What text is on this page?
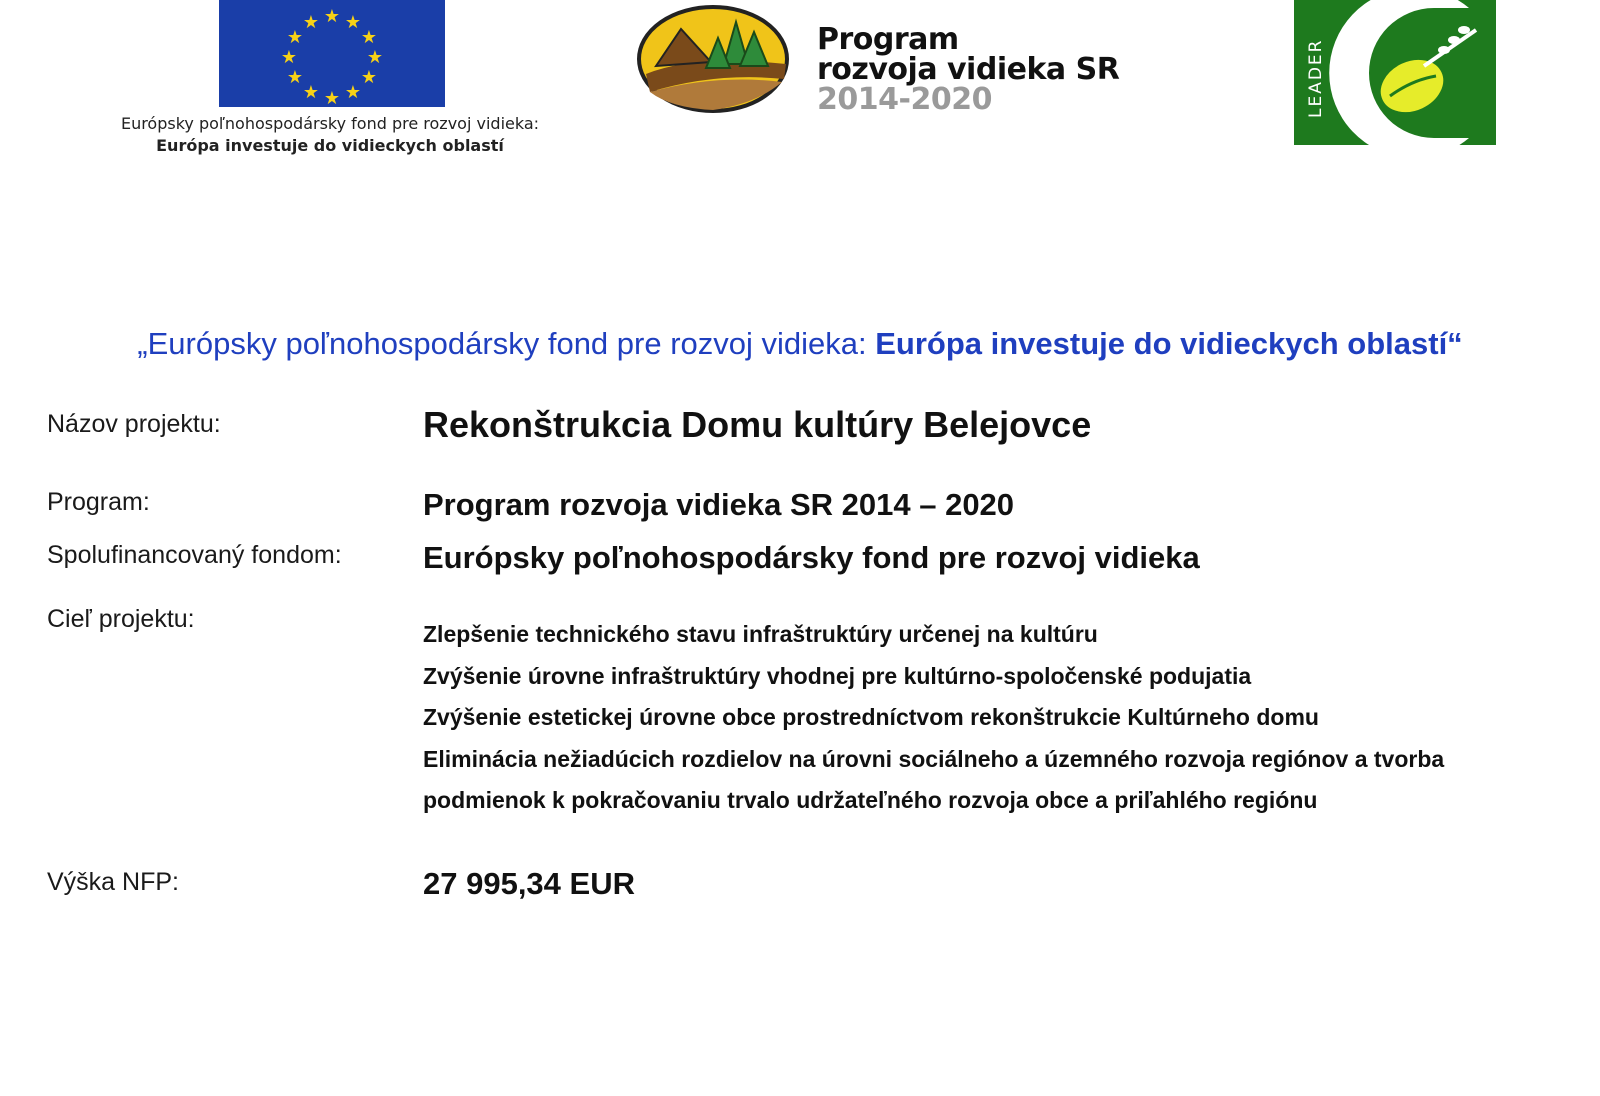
★ ★
★
★
★
★
★
★
★
★
★
★
Európsky poľnohospodársky fond pre rozvoj vidieka:
Európa investuje do vidieckych oblastí
Program
rozvoja vidieka SR
2014-2020	LEADER
„Európsky poľnohospodársky fond pre rozvoj vidieka: Európa investuje do vidieckych oblastí“
Názov projektu:	Rekonštrukcia Domu kultúry Belejovce
Program:	Program rozvoja vidieka SR 2014 – 2020
Spolufinancovaný fondom:	Európsky poľnohospodársky fond pre rozvoj vidieka
Cieľ projektu:
Zlepšenie technického stavu infraštruktúry určenej na kultúru
Zvýšenie úrovne infraštruktúry vhodnej pre kultúrno-spoločenské podujatia
Zvýšenie estetickej úrovne obce prostredníctvom rekonštrukcie Kultúrneho domu
Eliminácia nežiadúcich rozdielov na úrovni sociálneho a územného rozvoja regiónov a tvorba
podmienok k pokračovaniu trvalo udržateľného rozvoja obce a priľahlého regiónu
Výška NFP:	27 995,34 EUR
